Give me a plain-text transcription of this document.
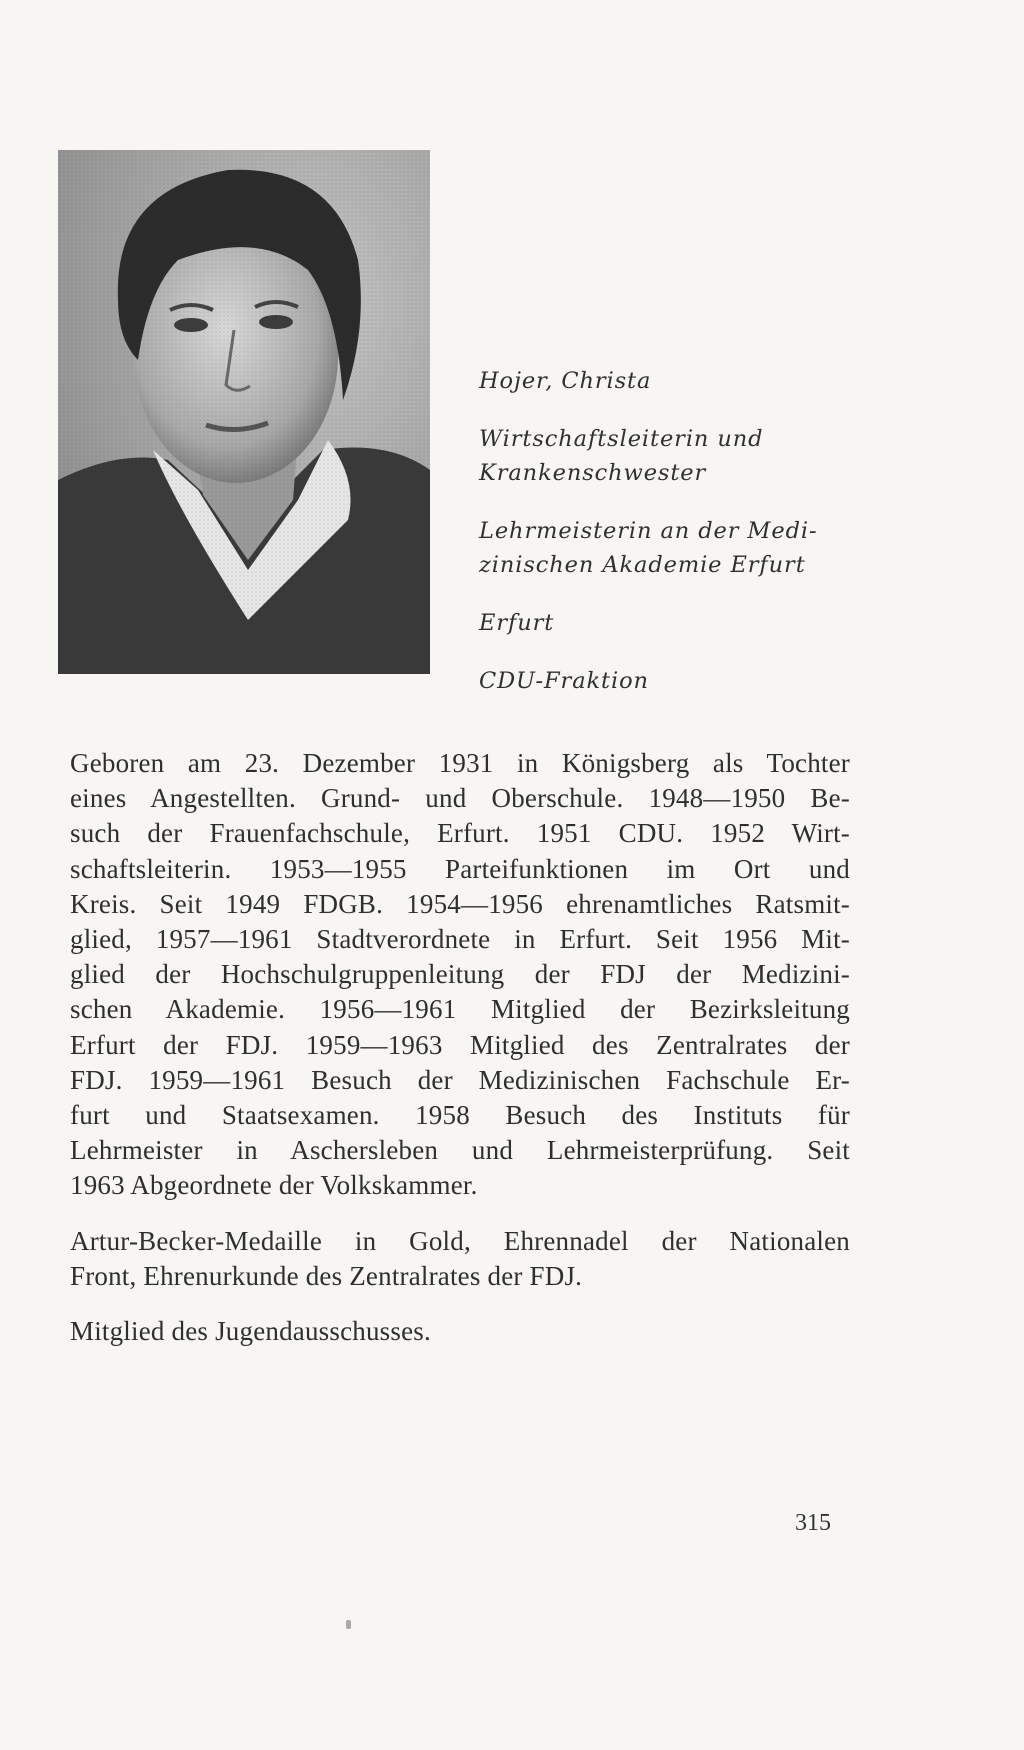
Hojer, Christa
Wirtschaftsleiterin und
Krankenschwester
Lehrmeisterin an der Medi-
zinischen Akademie Erfurt
Erfurt
CDU-Fraktion
Geboren am 23. Dezember 1931 in Königsberg als Tochter
eines Angestellten. Grund- und Oberschule. 1948—1950 Be-
such der Frauenfachschule, Erfurt. 1951 CDU. 1952 Wirt-
schaftsleiterin. 1953—1955 Parteifunktionen im Ort und
Kreis. Seit 1949 FDGB. 1954—1956 ehrenamtliches Ratsmit-
glied, 1957—1961 Stadtverordnete in Erfurt. Seit 1956 Mit-
glied der Hochschulgruppenleitung der FDJ der Medizini-
schen Akademie. 1956—1961 Mitglied der Bezirksleitung
Erfurt der FDJ. 1959—1963 Mitglied des Zentralrates der
FDJ. 1959—1961 Besuch der Medizinischen Fachschule Er-
furt und Staatsexamen. 1958 Besuch des Instituts für
Lehrmeister in Aschersleben und Lehrmeisterprüfung. Seit
1963 Abgeordnete der Volkskammer.
Artur-Becker-Medaille in Gold, Ehrennadel der Nationalen
Front, Ehrenurkunde des Zentralrates der FDJ.
Mitglied des Jugendausschusses.
315
